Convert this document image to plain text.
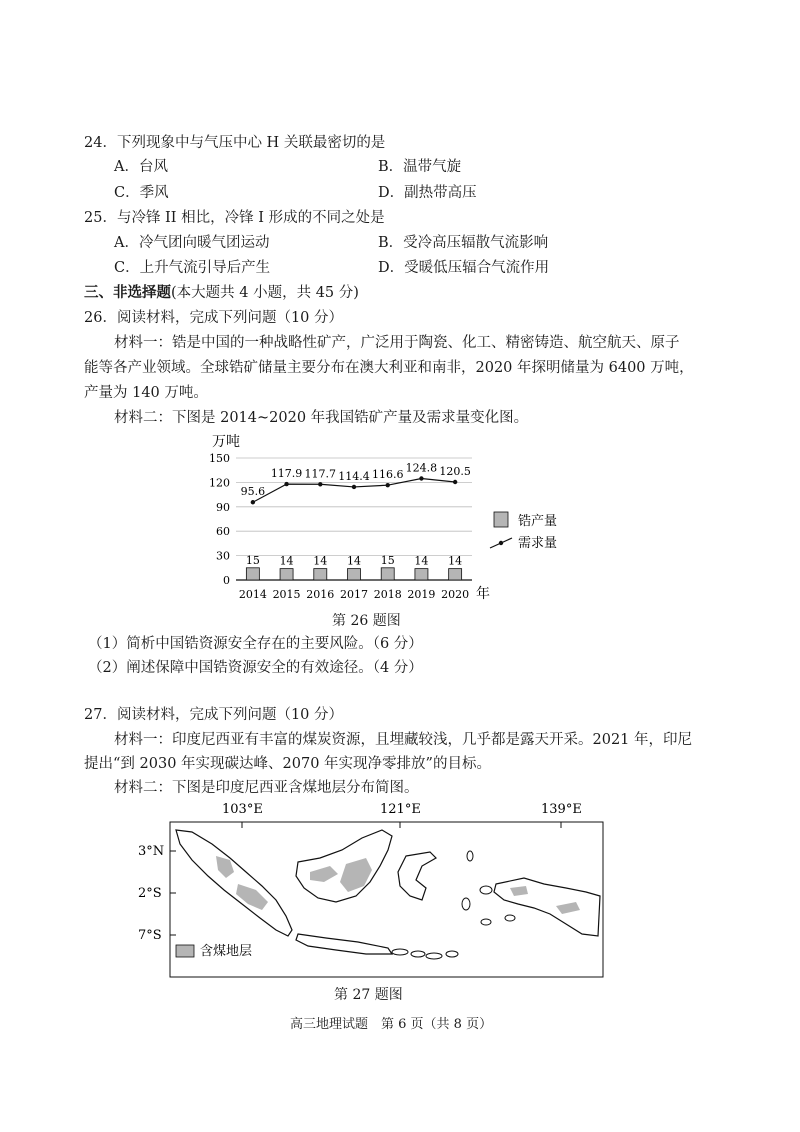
24．下列现象中与气压中心 H 关联最密切的是
A．台风	B．温带气旋
C．季风	D．副热带高压
25．与冷锋 II 相比，冷锋 I 形成的不同之处是
A．冷气团向暖气团运动	B．受冷高压辐散气流影响
C．上升气流引导后产生	D．受暖低压辐合气流作用
三、非选择题(本大题共 4 小题，共 45 分)
26．阅读材料，完成下列问题（10 分）
材料一：锆是中国的一种战略性矿产，广泛用于陶瓷、化工、精密铸造、航空航天、原子
能等各产业领域。全球锆矿储量主要分布在澳大利亚和南非，2020 年探明储量为 6400 万吨，
产量为 140 万吨。
材料二：下图是 2014~2020 年我国锆矿产量及需求量变化图。
万吨
0
30
60
90
120
150
15 14 14 14 15 14 14
95.6
117.9 117.7 114.4 116.6
124.8 120.5
2014 2015 2016 2017 2018 2019 2020 年
锆产量
需求量
第 26 题图
（1）简析中国锆资源安全存在的主要风险。（6 分）
（2）阐述保障中国锆资源安全的有效途径。（4 分）
27．阅读材料，完成下列问题（10 分）
材料一：印度尼西亚有丰富的煤炭资源，且埋藏较浅，几乎都是露天开采。2021 年，印尼
提出“到 2030 年实现碳达峰、2070 年实现净零排放”的目标。
材料二：下图是印度尼西亚含煤地层分布简图。
103°E	121°E	139°E
3°N
2°S
7°S
含煤地层
第 27 题图
高三地理试题　第 6 页（共 8 页）
